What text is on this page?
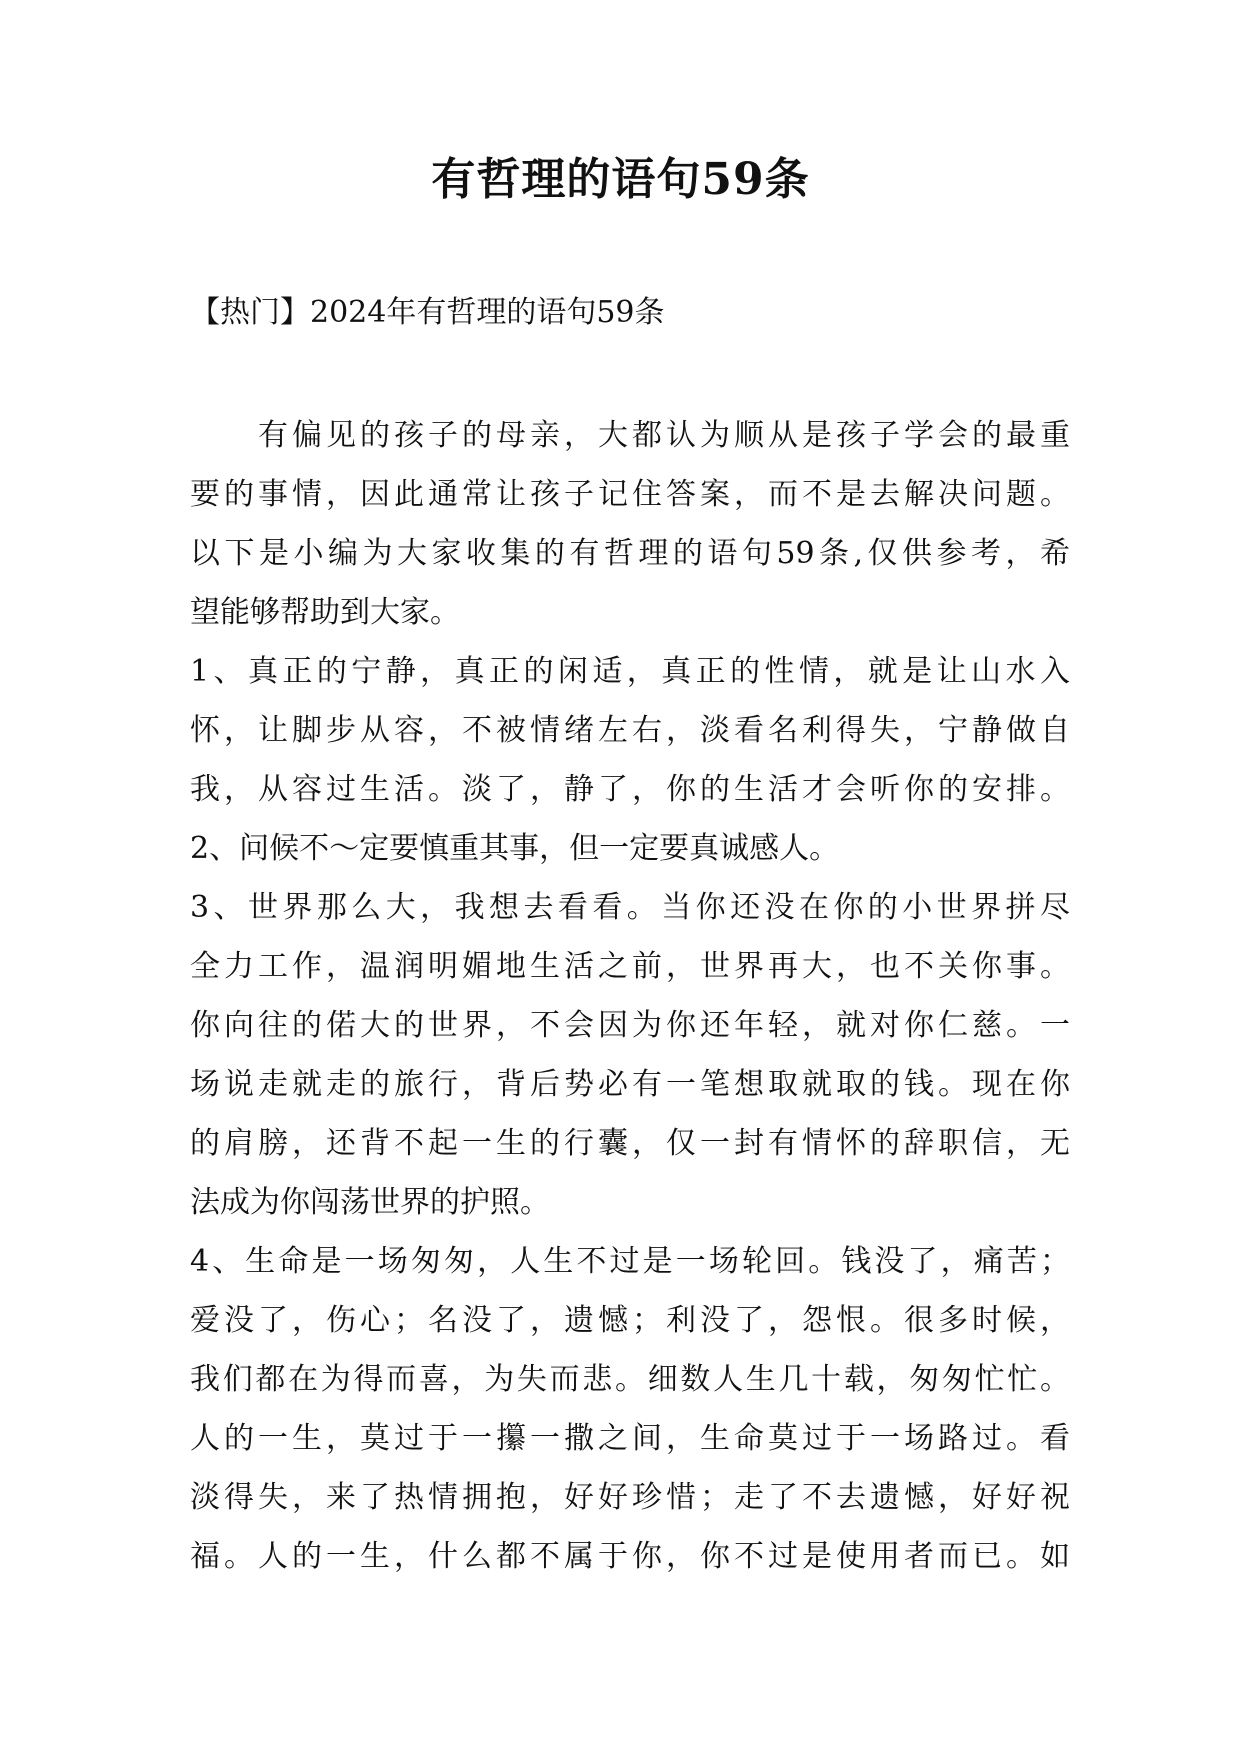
有哲理的语句59条

【热门】2024年有哲理的语句59条

　　有偏见的孩子的母亲，大都认为顺从是孩子学会的最重
要的事情，因此通常让孩子记住答案，而不是去解决问题。
以下是小编为大家收集的有哲理的语句59条,仅供参考，希
望能够帮助到大家。
1、真正的宁静，真正的闲适，真正的性情，就是让山水入
怀，让脚步从容，不被情绪左右，淡看名利得失，宁静做自
我，从容过生活。淡了，静了，你的生活才会听你的安排。
2、问候不～定要慎重其事，但一定要真诚感人。
3、世界那么大，我想去看看。当你还没在你的小世界拼尽
全力工作，温润明媚地生活之前，世界再大，也不关你事。
你向往的偌大的世界，不会因为你还年轻，就对你仁慈。一
场说走就走的旅行，背后势必有一笔想取就取的钱。现在你
的肩膀，还背不起一生的行囊，仅一封有情怀的辞职信，无
法成为你闯荡世界的护照。
4、生命是一场匆匆，人生不过是一场轮回。钱没了，痛苦；
爱没了，伤心；名没了，遗憾；利没了，怨恨。很多时候，
我们都在为得而喜，为失而悲。细数人生几十载，匆匆忙忙。
人的一生，莫过于一攥一撒之间，生命莫过于一场路过。看
淡得失，来了热情拥抱，好好珍惜；走了不去遗憾，好好祝
福。人的一生，什么都不属于你，你不过是使用者而已。如
